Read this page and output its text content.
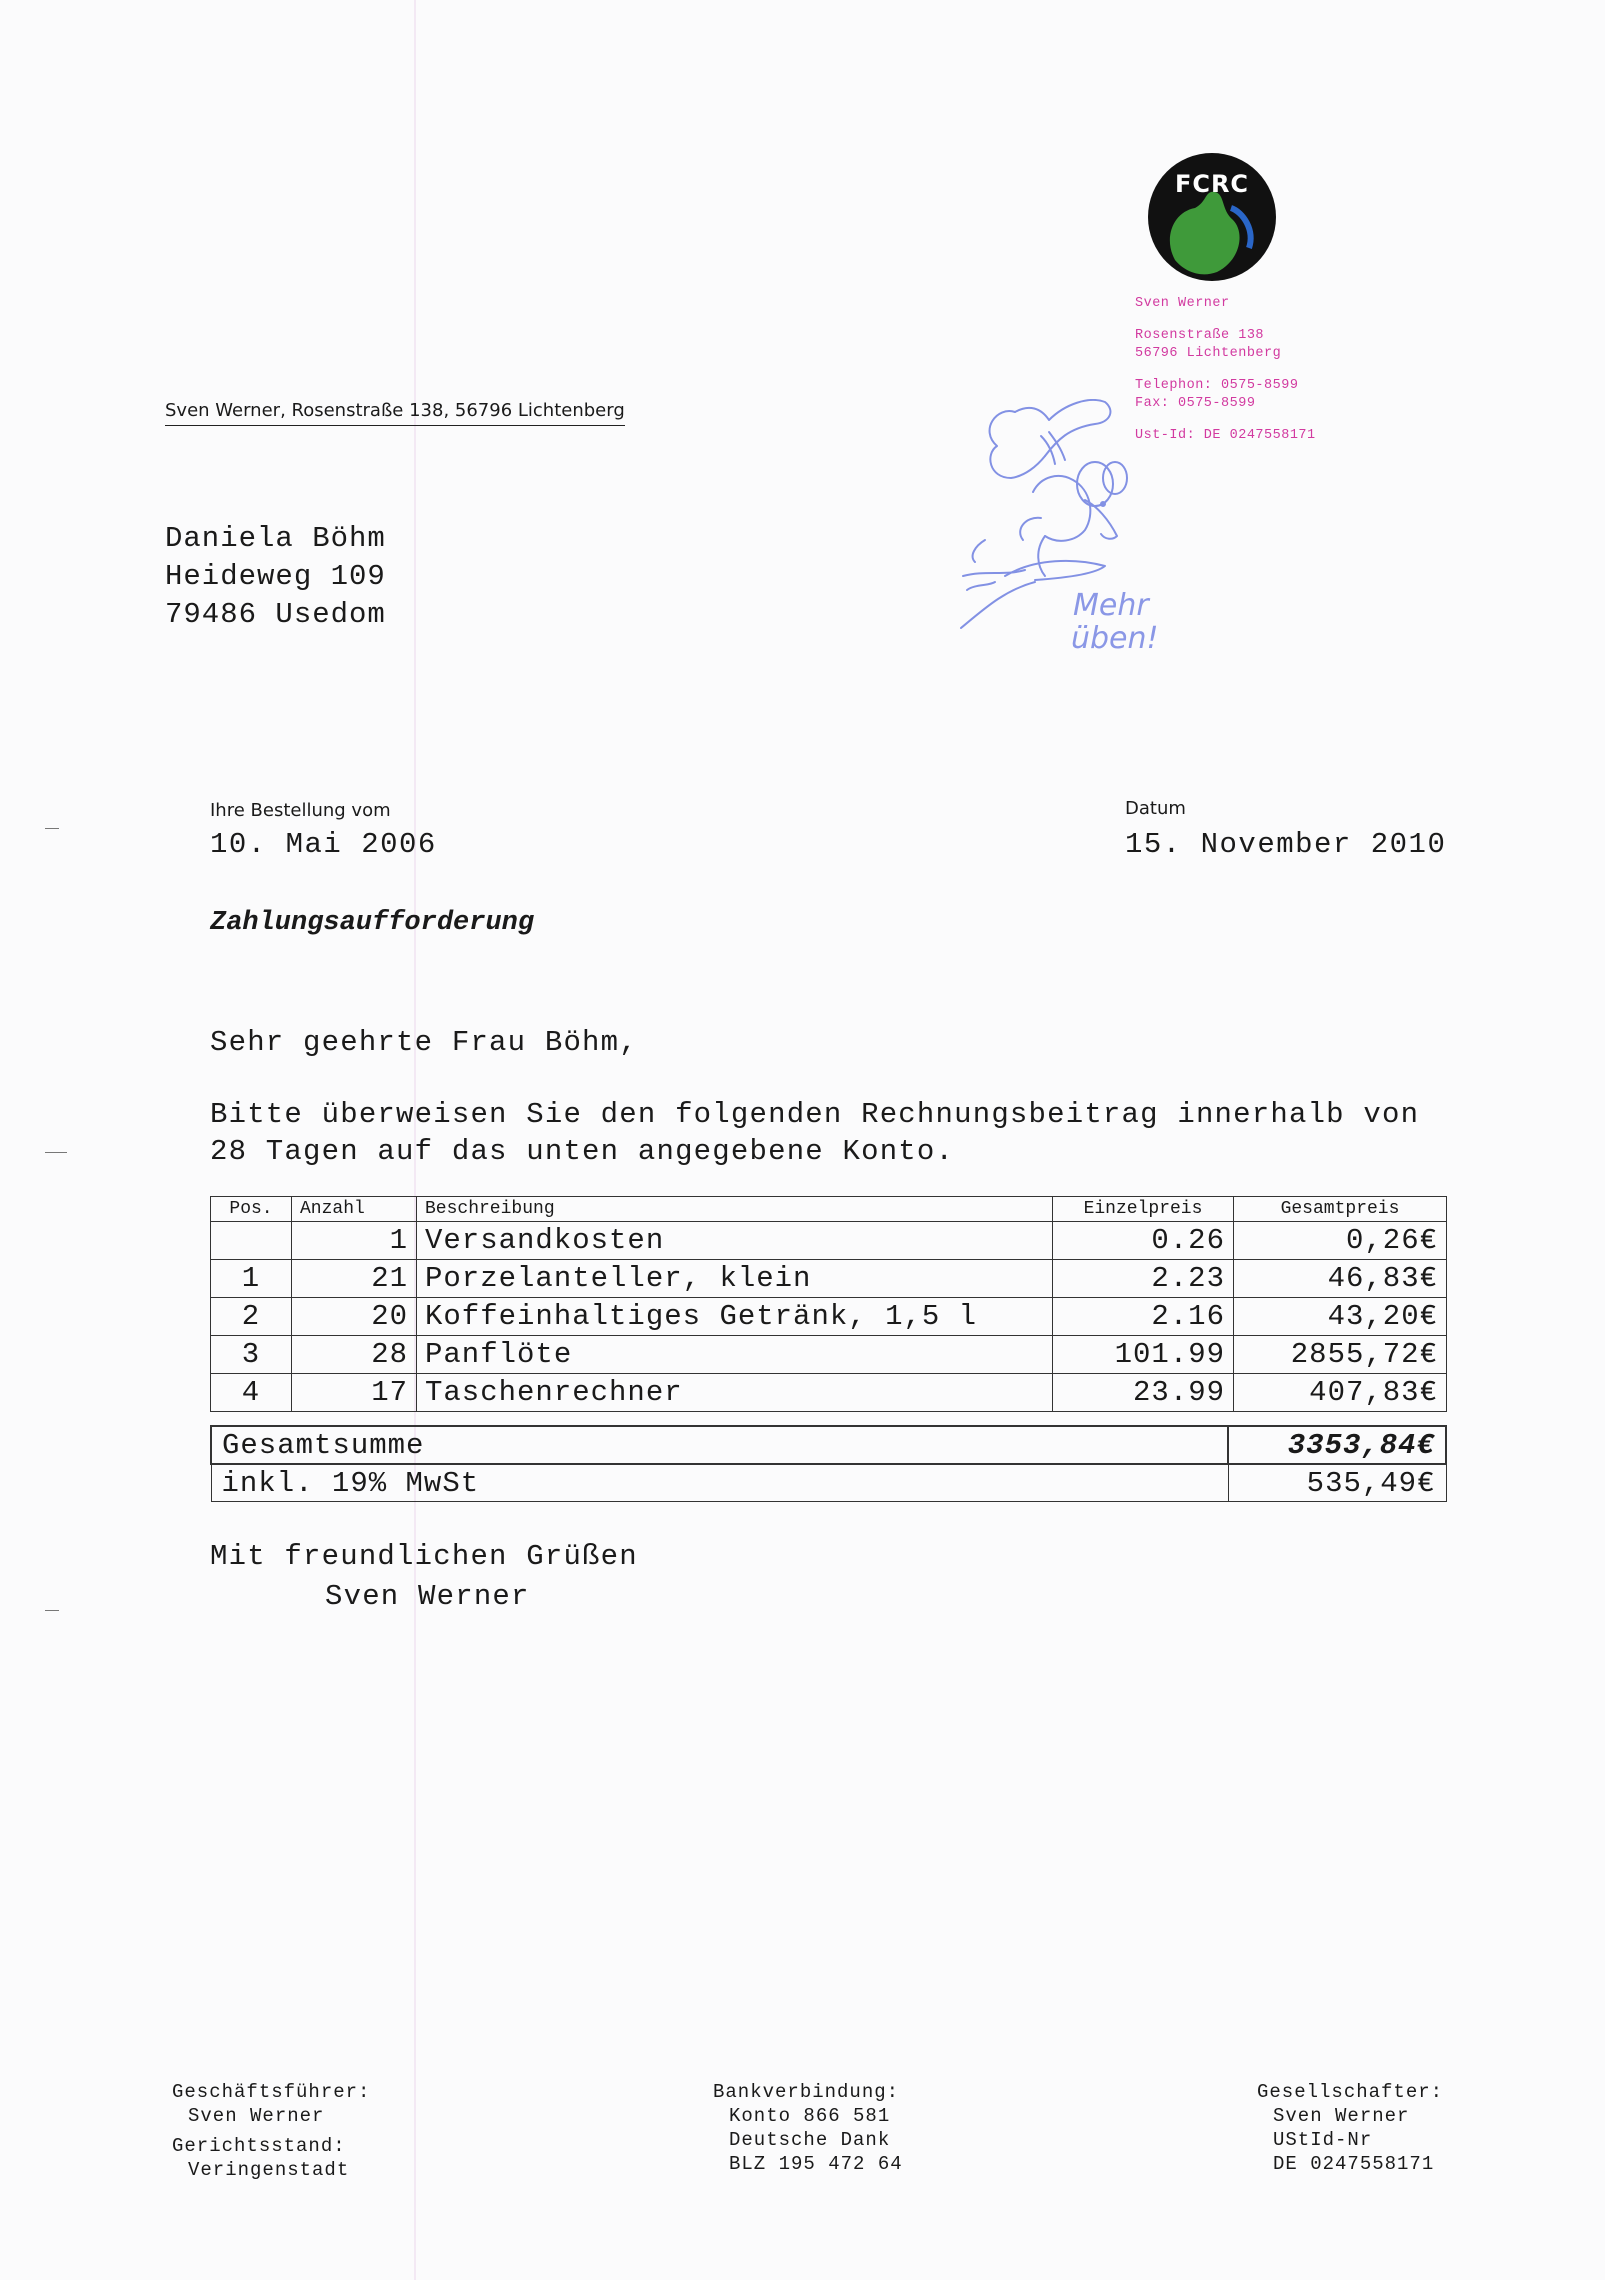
Sven Werner, Rosenstraße 138, 56796 Lichtenberg
Daniela Böhm
Heideweg 109
79486 Usedom
FCRC
Sven Werner
Rosenstraße 138
56796 Lichtenberg
Telephon: 0575-8599
Fax: 0575-8599
Ust-Id: DE 0247558171
Mehr
üben!
Ihre Bestellung vom
10. Mai 2006
Datum
15. November 2010
Zahlungsaufforderung
Sehr geehrte Frau Böhm,
Bitte überweisen Sie den folgenden Rechnungsbeitrag innerhalb von
28 Tagen auf das unten angegebene Konto.
Pos.	Anzahl	Beschreibung	Einzelpreis	Gesamtpreis
	1	Versandkosten	0.26	0,26€
1	21	Porzelanteller, klein	2.23	46,83€
2	20	Koffeinhaltiges Getränk, 1,5 l	2.16	43,20€
3	28	Panflöte	101.99	2855,72€
4	17	Taschenrechner	23.99	407,83€
Gesamtsumme	3353,84€
inkl. 19% MwSt	535,49€
Mit freundlichen Grüßen
Sven Werner
Geschäftsführer:
Sven Werner
Gerichtsstand:
Veringenstadt
Bankverbindung:
Konto 866 581
Deutsche Dank
BLZ 195 472 64
Gesellschafter:
Sven Werner
UStId-Nr
DE 0247558171
